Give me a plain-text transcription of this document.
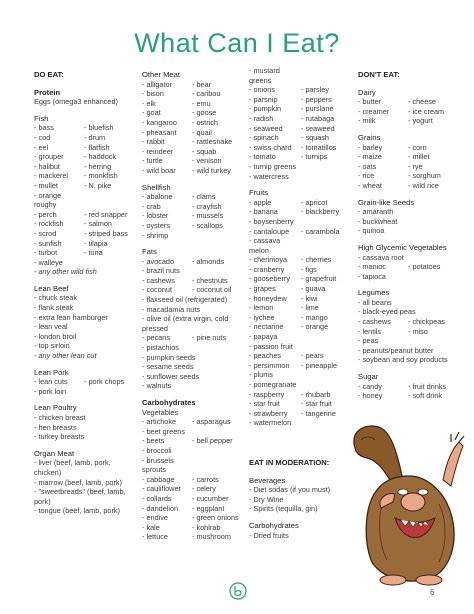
What Can I Eat?
DO EAT:
Protein
Eggs (omega3 enhanced)
Fish
- bass	- bluefish
- cod	- drum
- eel	- flatfish
- grouper	- haddock
- halibut	- herring
- mackerel	- monkfish
- mullet	- N. pike
- orange roughy
- perch	- red snapper
- rockfish	- salmon
- scrod	- striped bass
- sunfish	- tilapia
- turbot	- tuna
- walleye
- any other wild fish
Lean Beef
- chuck steak
- flank steak
- extra lean hamburger
- lean veal
- london broil
- top sirloin
- any other lean cut
Lean Pork
- lean cuts	- pork chops
- pork loin
Lean Poultry
- chicken breast
- hen breasts
- turkey breasts
Organ Meat
- liver (beef, lamb, pork, chicken)
- marrow (beef, lamb, pork)
- "sweetbreads" (beef, lamb, pork)
- tongue (beef, lamb, pork)
Other Meat
- alligator	- bear
- bison	- caribou
- elk	- emu
- goat	- goose
- kangaroo	- ostrich
- pheasant	- quail
- rabbit	- rattlesnake
- reindeer	- squab
- turtle	- venison
- wild boar	- wild turkey
Shellfish
- abalone	- clams
- crab	- crayfish
- lobster	- mussels
- oysters	- scallops
- shrimp
Fats
- avocado	- almonds
- brazil nuts
- cashews	- chestnuts
- coconut	- coconut oil
- flaxseed oil (refrigerated)
- macadamia nuts
- olive oil (extra virgin, cold pressed
- pecans	- pine nuts
- pistachios
- pumpkin seeds
- sesame seeds
- sunflower seeds
- walnuts
Carbohydrates
Vegetables
- artichoke	- asparagus
- beet greens
- beets	- bell pepper
- broccoli
- brussels sprouts
- cabbage	- carrots
- cauliflower	- celery
- collards	- cucumber
- dandelion	- eggplant
- endive	- green onions
- kale	- kohlrab
- lettuce	- mushroom
- mustard greens
- onions	- parsley
- parsnip	- peppers
- pumpkin	- purslane
- radish	- rutabaga
- seaweed	- seaweed
- spinach	- squash
- swiss chard	- tomatillos
- tomato	- turnips
- turnip greens
- watercress
Fruits
- apple	- apricot
- banana	- blackberry
- boysenberry
- cantaloupe	- carambola
- cassava melon
- cherimoya	- cherries
- cranberry	- figs
- gooseberry	- grapefruit
- grapes	- guava
- honeydew	- kiwi
- lemon	- lime
- lychee	- mango
- nectarine	- orange
- papaya
- passion fruit
- peaches	- pears
- persimmon	- pineapple
- plums
- pomegranate
- raspberry	- rhubarb
- star fruit	- star fruit
- strawberry	- tangerine
- watermelon
EAT IN MODERATION:
Beverages
- Diet sodas (if you must)
- Dry Wine
- Spirits (tequilla, gin)
Carbohydrates
- Dried fruits
DON'T EAT:
Dairy
- butter	- cheese
- creamer	- ice cream
- milk	- yogurt
Grains
- barley	- corn
- maize	- millet
- oats	- rye
- rice	- sorghum
- wheat	- wild rice
Grain-like Seeds
- amaranth
- buckwheat
- quinoa
High Glycemic Vegetables
- cassava root
- manioc	- potatoes
- tapioca
Legumes
- all beans
- black-eyed peas
- cashews	- chickpeas
- lentils	- miso
- peas
- peanuts/peanut butter
- soybean and soy products
Sugar
- candy	- fruit drinks
- honey	- soft drink
6
